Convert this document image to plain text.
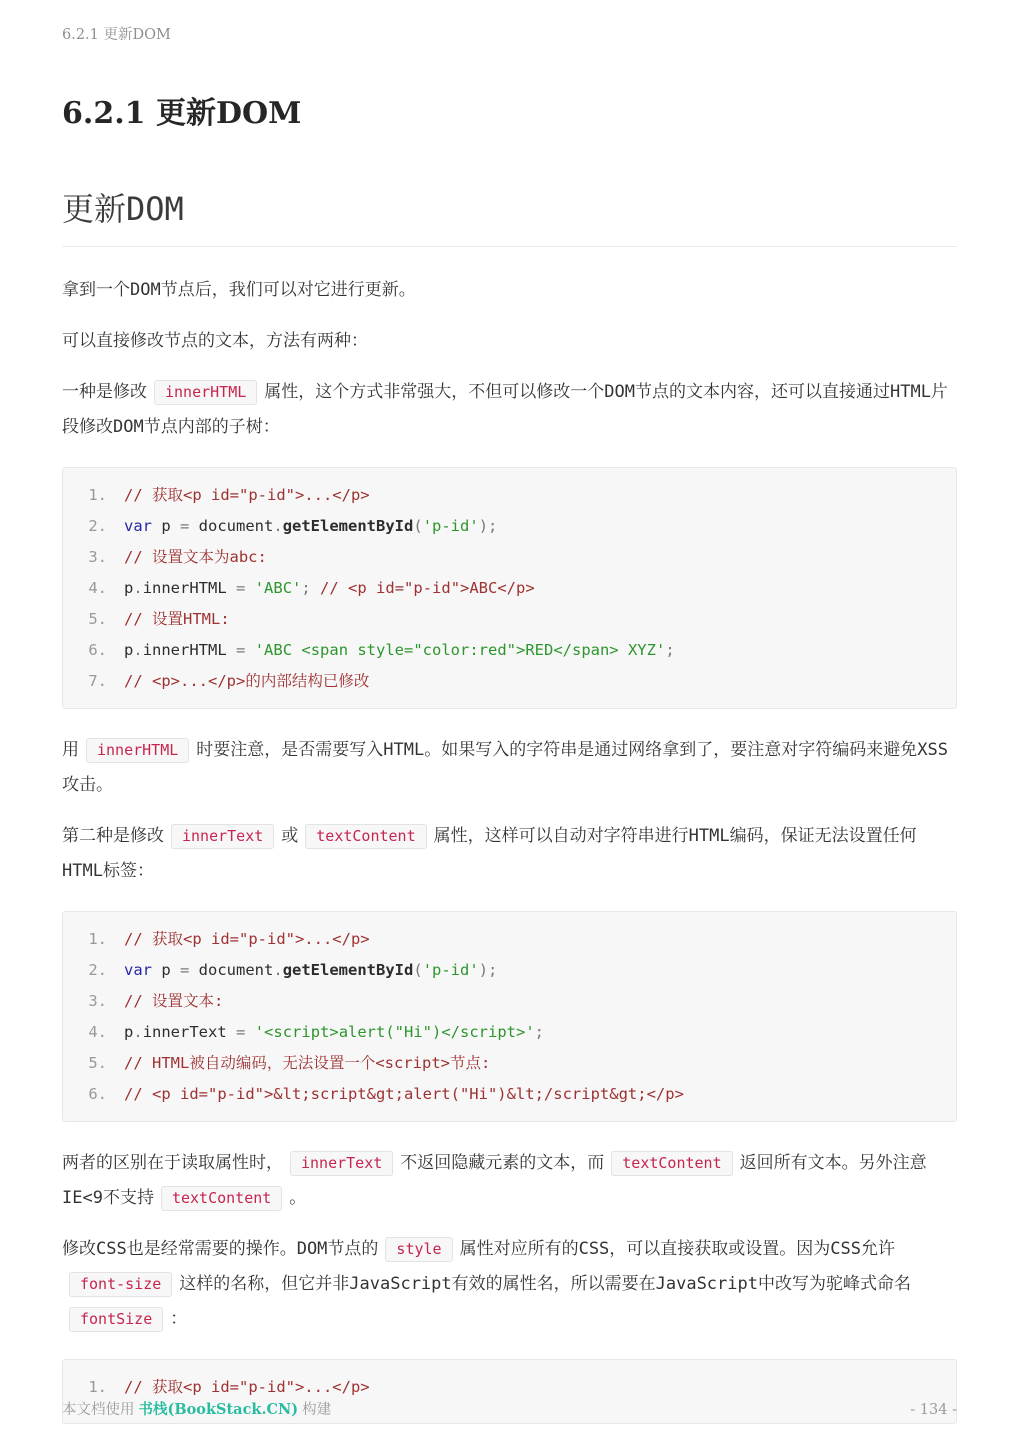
6.2.1 更新DOM
6.2.1 更新DOM
更新DOM

拿到一个DOM节点后，我们可以对它进行更新。

可以直接修改节点的文本，方法有两种：

一种是修改 innerHTML 属性，这个方式非常强大，不但可以修改一个DOM节点的文本内容，还可以直接通过HTML片段修改DOM节点内部的子树：

1. // 获取<p id="p-id">...</p>
2. var p = document.getElementById('p-id');
3. // 设置文本为abc:
4. p.innerHTML = 'ABC'; // <p id="p-id">ABC</p>
5. // 设置HTML:
6. p.innerHTML = 'ABC <span style="color:red">RED</span> XYZ';
7. // <p>...</p>的内部结构已修改

用 innerHTML 时要注意，是否需要写入HTML。如果写入的字符串是通过网络拿到了，要注意对字符编码来避免XSS攻击。

第二种是修改 innerText 或 textContent 属性，这样可以自动对字符串进行HTML编码，保证无法设置任何HTML标签：

1. // 获取<p id="p-id">...</p>
2. var p = document.getElementById('p-id');
3. // 设置文本:
4. p.innerText = '<script>alert("Hi")</script>';
5. // HTML被自动编码，无法设置一个<script>节点:
6. // <p id="p-id">&lt;script&gt;alert("Hi")&lt;/script&gt;</p>

两者的区别在于读取属性时， innerText 不返回隐藏元素的文本，而 textContent 返回所有文本。另外注意IE<9不支持 textContent 。

修改CSS也是经常需要的操作。DOM节点的 style 属性对应所有的CSS，可以直接获取或设置。因为CSS允许font-size 这样的名称，但它并非JavaScript有效的属性名，所以需要在JavaScript中改写为驼峰式命名fontSize ：

1. // 获取<p id="p-id">...</p>
本文档使用 书栈(BookStack.CN) 构建	- 134 -
